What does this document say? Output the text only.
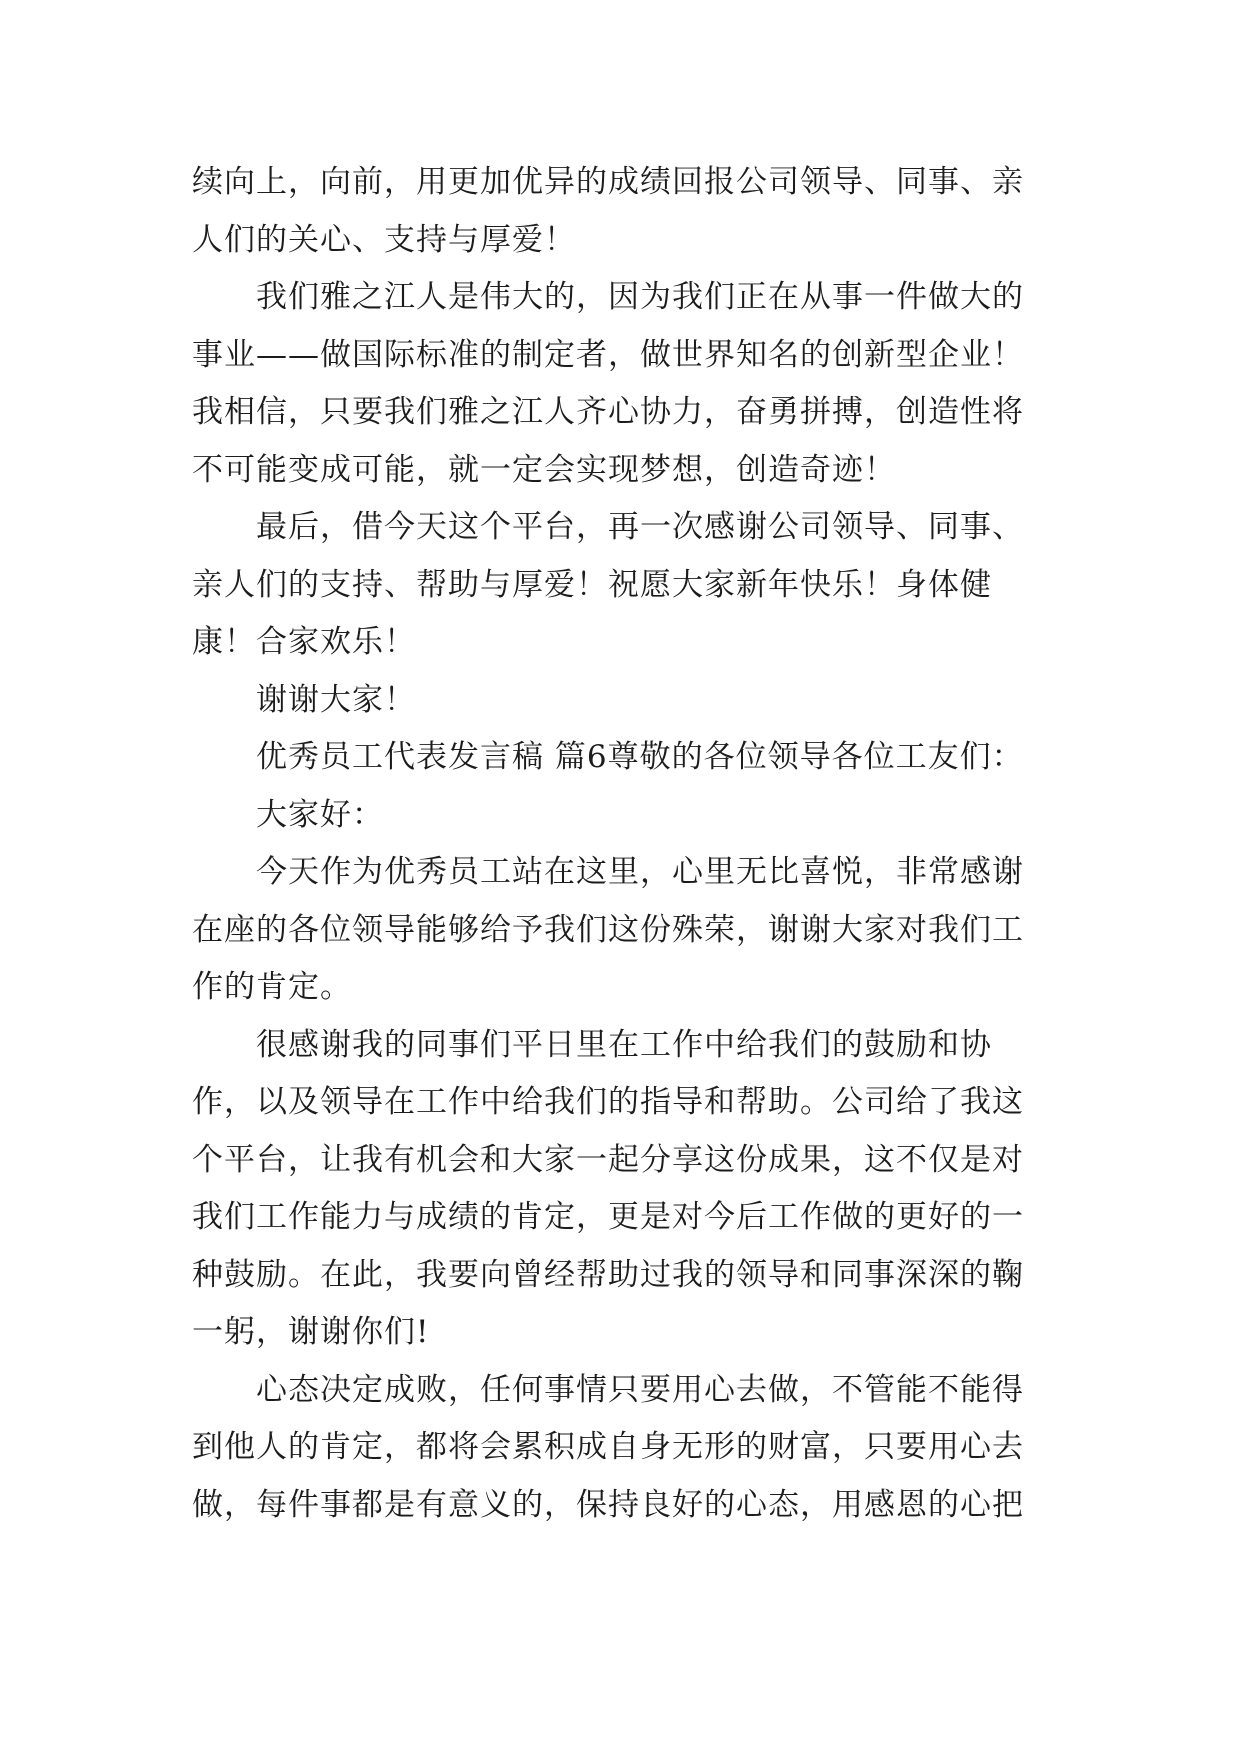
续向上，向前，用更加优异的成绩回报公司领导、同事、亲
人们的关心、支持与厚爱！
我们雅之江人是伟大的，因为我们正在从事一件做大的
事业——做国际标准的制定者，做世界知名的创新型企业！
我相信，只要我们雅之江人齐心协力，奋勇拼搏，创造性将
不可能变成可能，就一定会实现梦想，创造奇迹！
最后，借今天这个平台，再一次感谢公司领导、同事、
亲人们的支持、帮助与厚爱！祝愿大家新年快乐！身体健
康！合家欢乐！
谢谢大家！
优秀员工代表发言稿 篇6尊敬的各位领导各位工友们：
大家好：
今天作为优秀员工站在这里，心里无比喜悦，非常感谢
在座的各位领导能够给予我们这份殊荣，谢谢大家对我们工
作的肯定。
很感谢我的同事们平日里在工作中给我们的鼓励和协
作，以及领导在工作中给我们的指导和帮助。公司给了我这
个平台，让我有机会和大家一起分享这份成果，这不仅是对
我们工作能力与成绩的肯定，更是对今后工作做的更好的一
种鼓励。在此，我要向曾经帮助过我的领导和同事深深的鞠
一躬，谢谢你们!
心态决定成败，任何事情只要用心去做，不管能不能得
到他人的肯定，都将会累积成自身无形的财富，只要用心去
做，每件事都是有意义的，保持良好的心态，用感恩的心把
